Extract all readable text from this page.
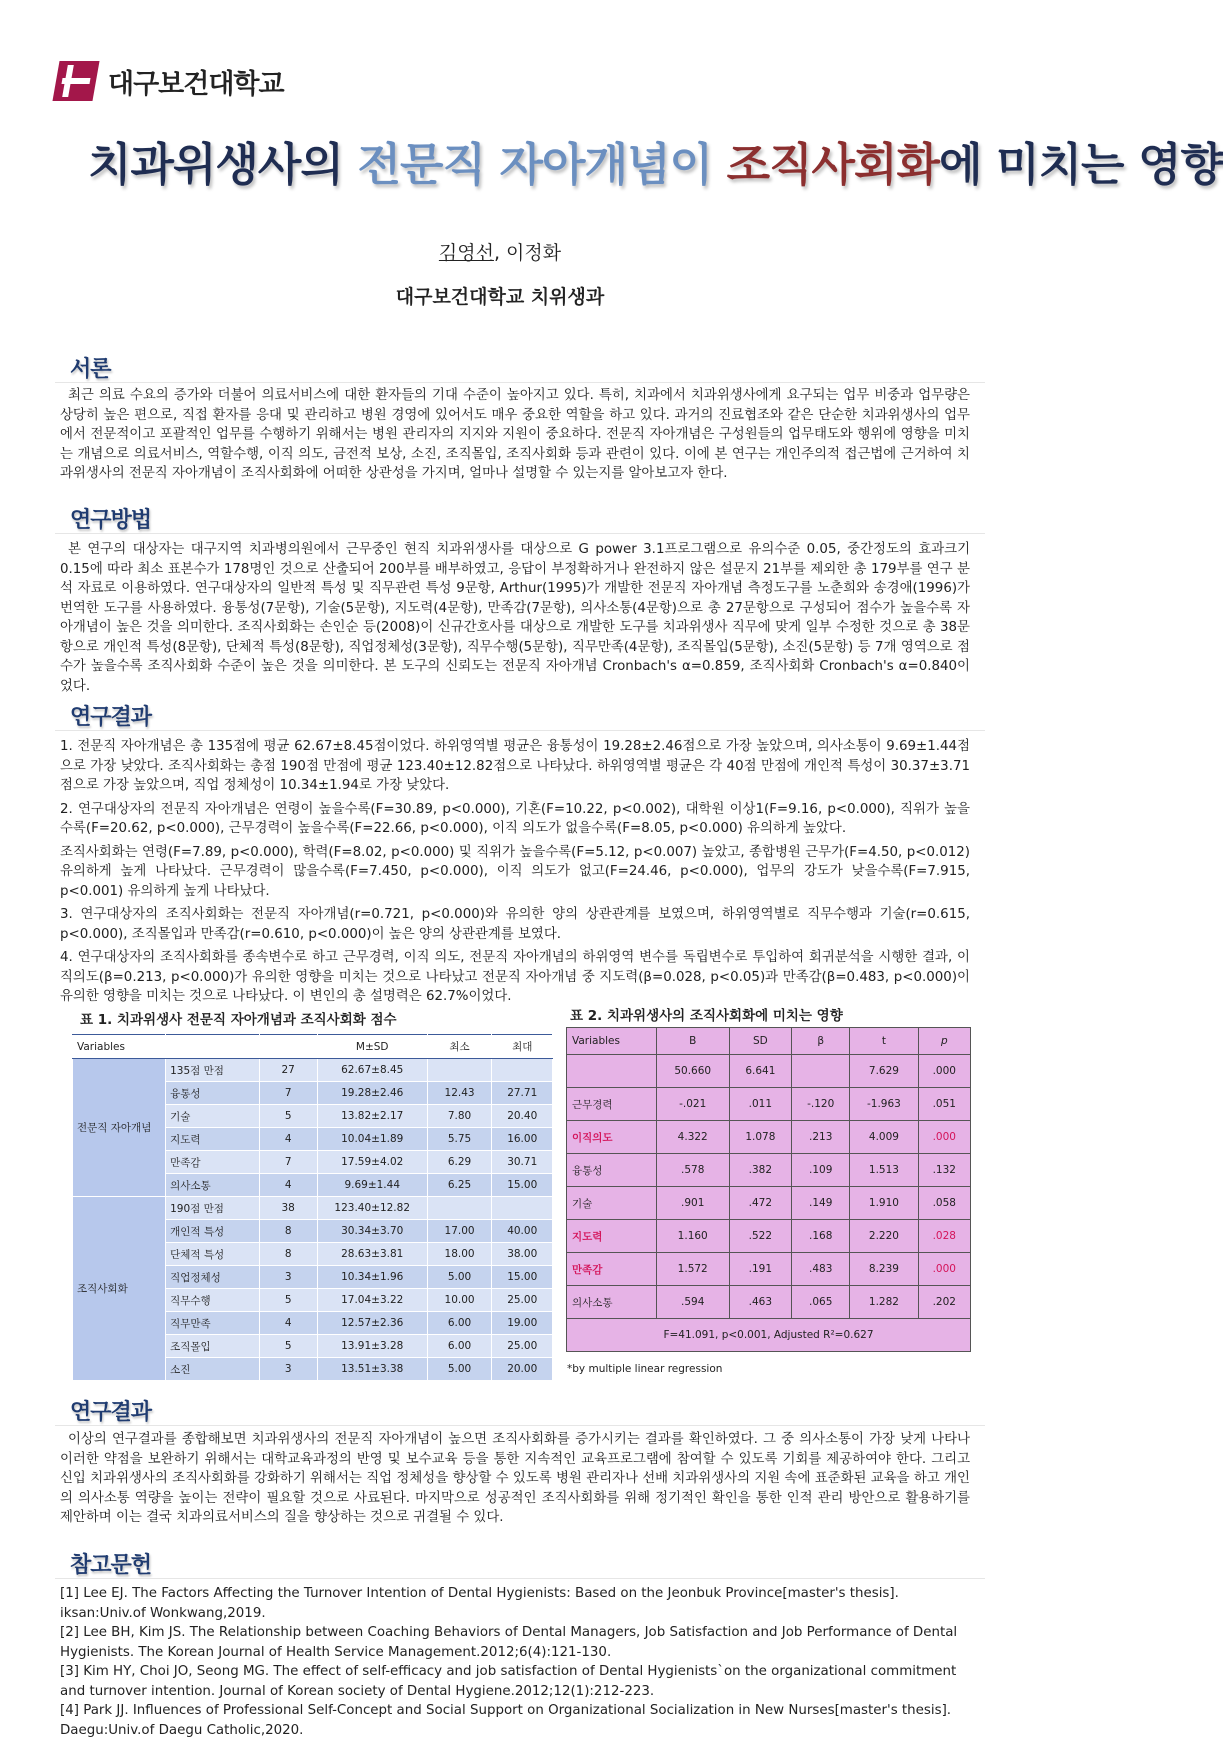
대구보건대학교
치과위생사의 전문직 자아개념이 조직사회화에 미치는 영향
김영선, 이정화
대구보건대학교 치위생과
서론
최근 의료 수요의 증가와 더불어 의료서비스에 대한 환자들의 기대 수준이 높아지고 있다. 특히, 치과에서 치과위생사에게 요구되는 업무 비중과 업무량은 상당히 높은 편으로, 직접 환자를 응대 및 관리하고 병원 경영에 있어서도 매우 중요한 역할을 하고 있다. 과거의 진료협조와 같은 단순한 치과위생사의 업무에서 전문적이고 포괄적인 업무를 수행하기 위해서는 병원 관리자의 지지와 지원이 중요하다. 전문직 자아개념은 구성원들의 업무태도와 행위에 영향을 미치는 개념으로 의료서비스, 역할수행, 이직 의도, 금전적 보상, 소진, 조직몰입, 조직사회화 등과 관련이 있다. 이에 본 연구는 개인주의적 접근법에 근거하여 치과위생사의 전문직 자아개념이 조직사회화에 어떠한 상관성을 가지며, 얼마나 설명할 수 있는지를 알아보고자 한다.
연구방법
본 연구의 대상자는 대구지역 치과병의원에서 근무중인 현직 치과위생사를 대상으로 G power 3.1프로그램으로 유의수준 0.05, 중간정도의 효과크기 0.15에 따라 최소 표본수가 178명인 것으로 산출되어 200부를 배부하였고, 응답이 부정확하거나 완전하지 않은 설문지 21부를 제외한 총 179부를 연구 분석 자료로 이용하였다. 연구대상자의 일반적 특성 및 직무관련 특성 9문항, Arthur(1995)가 개발한 전문직 자아개념 측정도구를 노춘희와 송경애(1996)가 번역한 도구를 사용하였다. 융통성(7문항), 기술(5문항), 지도력(4문항), 만족감(7문항), 의사소통(4문항)으로 총 27문항으로 구성되어 점수가 높을수록 자아개념이 높은 것을 의미한다. 조직사회화는 손인순 등(2008)이 신규간호사를 대상으로 개발한 도구를 치과위생사 직무에 맞게 일부 수정한 것으로 총 38문항으로 개인적 특성(8문항), 단체적 특성(8문항), 직업정체성(3문항), 직무수행(5문항), 직무만족(4문항), 조직몰입(5문항), 소진(5문항) 등 7개 영역으로 점수가 높을수록 조직사회화 수준이 높은 것을 의미한다. 본 도구의 신뢰도는 전문직 자아개념 Cronbach's α=0.859, 조직사회화 Cronbach's α=0.840이었다.
연구결과

1. 전문직 자아개념은 총 135점에 평균 62.67±8.45점이었다. 하위영역별 평균은 융통성이 19.28±2.46점으로 가장 높았으며, 의사소통이 9.69±1.44점으로 가장 낮았다. 조직사회화는 총점 190점 만점에 평균 123.40±12.82점으로 나타났다. 하위영역별 평균은 각 40점 만점에 개인적 특성이 30.37±3.71점으로 가장 높았으며, 직업 정체성이 10.34±1.94로 가장 낮았다.

2. 연구대상자의 전문직 자아개념은 연령이 높을수록(F=30.89, p<0.000), 기혼(F=10.22, p<0.002), 대학원 이상1(F=9.16, p<0.000), 직위가 높을수록(F=20.62, p<0.000), 근무경력이 높을수록(F=22.66, p<0.000), 이직 의도가 없을수록(F=8.05, p<0.000) 유의하게 높았다.

조직사회화는 연령(F=7.89, p<0.000), 학력(F=8.02, p<0.000) 및 직위가 높을수록(F=5.12, p<0.007) 높았고, 종합병원 근무가(F=4.50, p<0.012) 유의하게 높게 나타났다. 근무경력이 많을수록(F=7.450, p<0.000), 이직 의도가 없고(F=24.46, p<0.000), 업무의 강도가 낮을수록(F=7.915, p<0.001) 유의하게 높게 나타났다.

3. 연구대상자의 조직사회화는 전문직 자아개념(r=0.721, p<0.000)와 유의한 양의 상관관계를 보였으며, 하위영역별로 직무수행과 기술(r=0.615, p<0.000), 조직몰입과 만족감(r=0.610, p<0.000)이 높은 양의 상관관계를 보였다.

4. 연구대상자의 조직사회화를 종속변수로 하고 근무경력, 이직 의도, 전문직 자아개념의 하위영역 변수를 독립변수로 투입하여 회귀분석을 시행한 결과, 이직의도(β=0.213, p<0.000)가 유의한 영향을 미치는 것으로 나타났고 전문직 자아개념 중 지도력(β=0.028, p<0.05)과 만족감(β=0.483, p<0.000)이 유의한 영향을 미치는 것으로 나타났다. 이 변인의 총 설명력은 62.7%이었다.

표 1. 치과위생사 전문직 자아개념과 조직사회화 점수
Variables			M±SD	최소	최대
전문직 자아개념	135점 만점	27	62.67±8.45		
	융통성	7	19.28±2.46	12.43	27.71
	기술	5	13.82±2.17	7.80	20.40
	지도력	4	10.04±1.89	5.75	16.00
	만족감	7	17.59±4.02	6.29	30.71
	의사소통	4	9.69±1.44	6.25	15.00
조직사회화	190점 만점	38	123.40±12.82		
	개인적 특성	8	30.34±3.70	17.00	40.00
	단체적 특성	8	28.63±3.81	18.00	38.00
	직업정체성	3	10.34±1.96	5.00	15.00
	직무수행	5	17.04±3.22	10.00	25.00
	직무만족	4	12.57±2.36	6.00	19.00
	조직몰입	5	13.91±3.28	6.00	25.00
	소진	3	13.51±3.38	5.00	20.00
표 2. 치과위생사의 조직사회화에 미치는 영향
Variables	B	SD	β	t	p
	50.660	6.641		7.629	.000
근무경력	-.021	.011	-.120	-1.963	.051
이직의도	4.322	1.078	.213	4.009	.000
융통성	.578	.382	.109	1.513	.132
기술	.901	.472	.149	1.910	.058
지도력	1.160	.522	.168	2.220	.028
만족감	1.572	.191	.483	8.239	.000
의사소통	.594	.463	.065	1.282	.202
F=41.091, p<0.001, Adjusted R²=0.627					
*by multiple linear regression
연구결과
이상의 연구결과를 종합해보면 치과위생사의 전문직 자아개념이 높으면 조직사회화를 증가시키는 결과를 확인하였다. 그 중 의사소통이 가장 낮게 나타나 이러한 약점을 보완하기 위해서는 대학교육과정의 반영 및 보수교육 등을 통한 지속적인 교육프로그램에 참여할 수 있도록 기회를 제공하여야 한다. 그리고 신입 치과위생사의 조직사회화를 강화하기 위해서는 직업 정체성을 향상할 수 있도록 병원 관리자나 선배 치과위생사의 지원 속에 표준화된 교육을 하고 개인의 의사소통 역량을 높이는 전략이 필요할 것으로 사료된다. 마지막으로 성공적인 조직사회화를 위해 정기적인 확인을 통한 인적 관리 방안으로 활용하기를 제안하며 이는 결국 치과의료서비스의 질을 향상하는 것으로 귀결될 수 있다.
참고문헌
[1] Lee EJ. The Factors Affecting the Turnover Intention of Dental Hygienists: Based on the Jeonbuk Province[master's thesis]. iksan:Univ.of Wonkwang,2019.
[2] Lee BH, Kim JS. The Relationship between Coaching Behaviors of Dental Managers, Job Satisfaction and Job Performance of Dental Hygienists. The Korean Journal of Health Service Management.2012;6(4):121-130.
[3] Kim HY, Choi JO, Seong MG. The effect of self-efficacy and job satisfaction of Dental Hygienists`on the organizational commitment and turnover intention. Journal of Korean society of Dental Hygiene.2012;12(1):212-223.
[4] Park JJ. Influences of Professional Self-Concept and Social Support on Organizational Socialization in New Nurses[master's thesis]. Daegu:Univ.of Daegu Catholic,2020.
